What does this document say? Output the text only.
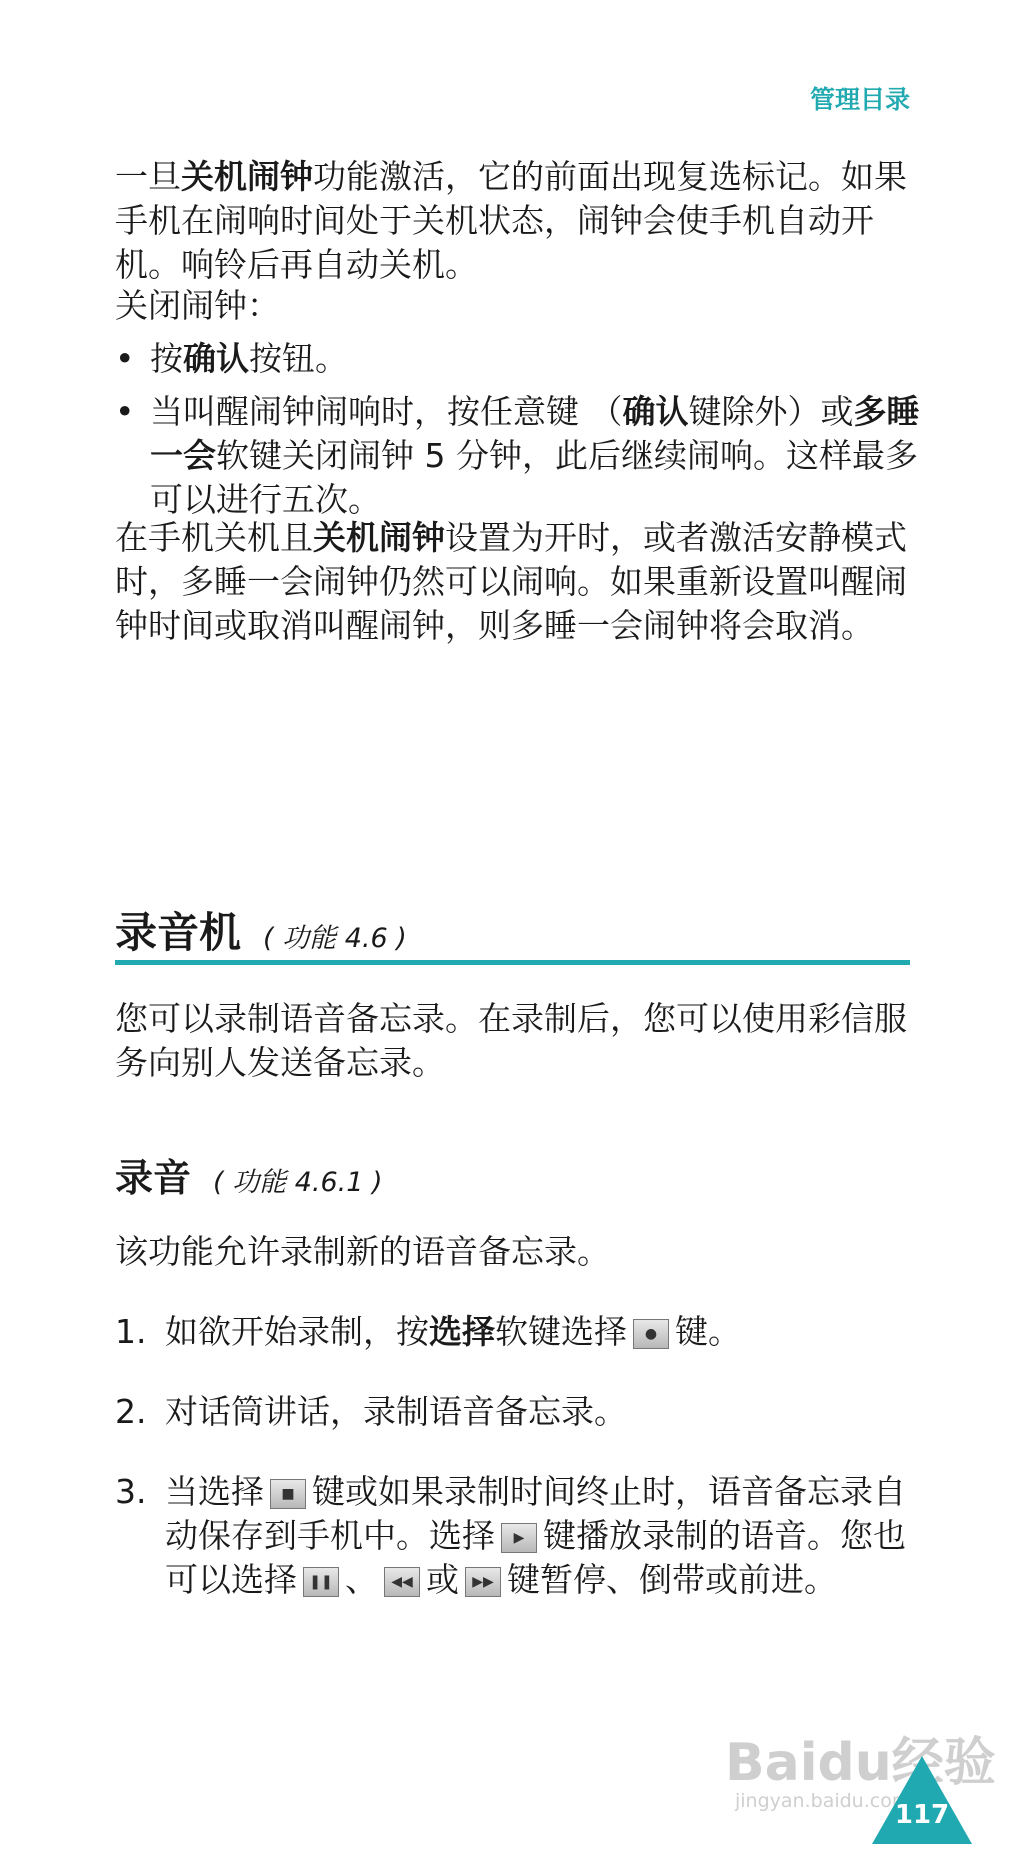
管理目录
一旦关机闹钟功能激活，它的前面出现复选标记。如果手机在闹响时间处于关机状态，闹钟会使手机自动开机。响铃后再自动关机。
关闭闹钟：
• 按确认按钮。
• 当叫醒闹钟闹响时，按任意键 （确认键除外）或多睡一会软键关闭闹钟 5 分钟，此后继续闹响。这样最多可以进行五次。
在手机关机且关机闹钟设置为开时，或者激活安静模式时，多睡一会闹钟仍然可以闹响。如果重新设置叫醒闹钟时间或取消叫醒闹钟，则多睡一会闹钟将会取消。
录音机 ( 功能 4.6 )
您可以录制语音备忘录。在录制后，您可以使用彩信服务向别人发送备忘录。
录音 ( 功能 4.6.1 )
该功能允许录制新的语音备忘录。
1. 如欲开始录制，按选择软键选择	● 键。
2. 对话筒讲话，录制语音备忘录。
3. 当选择	■ 键或如果录制时间终止时，语音备忘录自动保存到手机中。选择	▶ 键播放录制的语音。您也可以选择 ❚❚ 、 ◀◀ 或 ▶▶ 键暂停、倒带或前进。
Baidu经验
jingyan.baidu.com
117
